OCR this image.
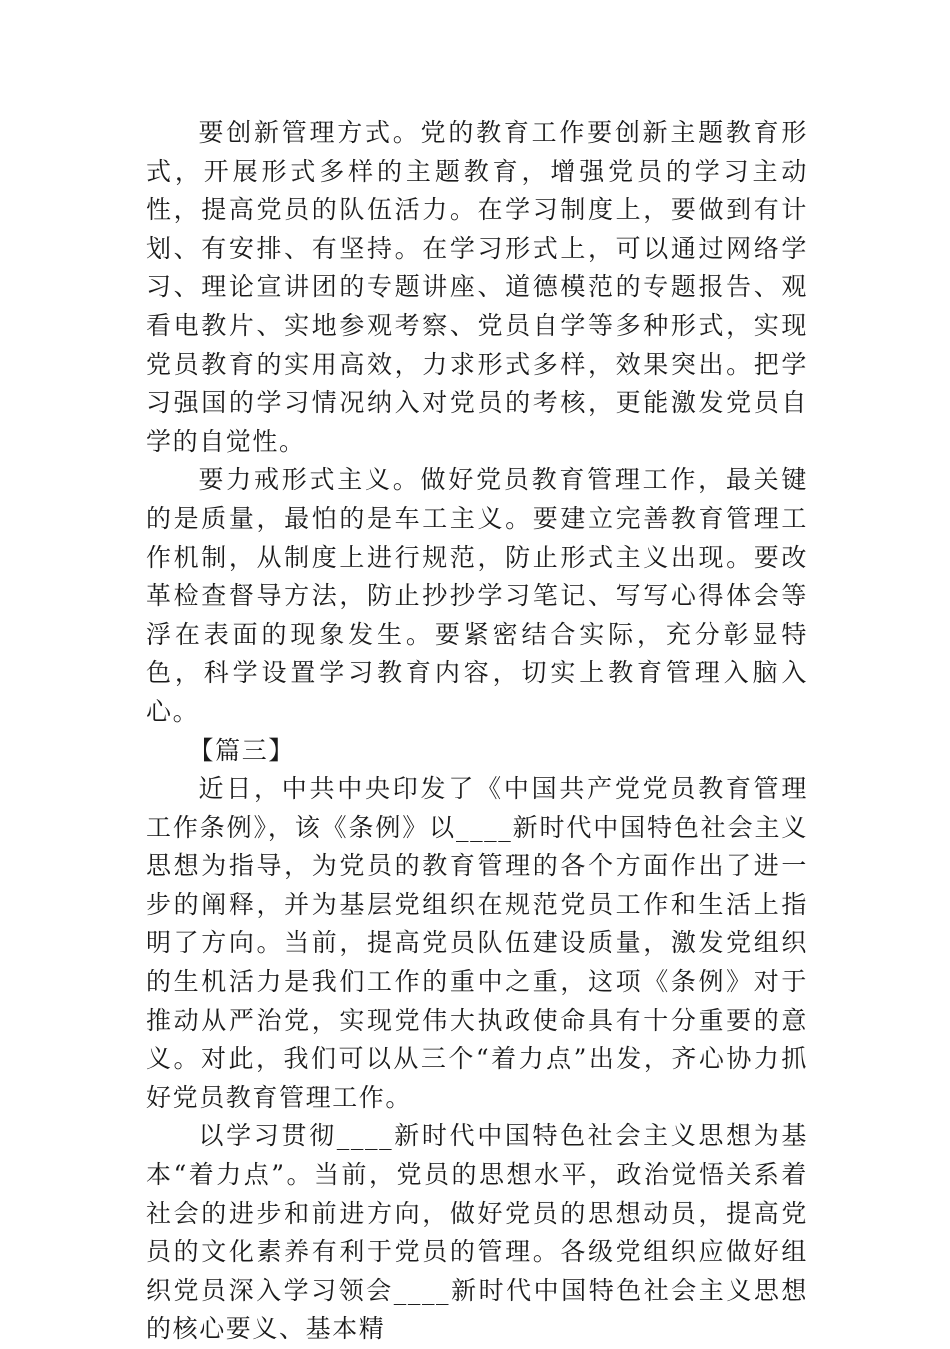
要创新管理方式。党的教育工作要创新主题教育形式，开展形式多样的主题教育，增强党员的学习主动性，提高党员的队伍活力。在学习制度上，要做到有计划、有安排、有坚持。在学习形式上，可以通过网络学习、理论宣讲团的专题讲座、道德模范的专题报告、观看电教片、实地参观考察、党员自学等多种形式，实现党员教育的实用高效，力求形式多样，效果突出。把学习强国的学习情况纳入对党员的考核，更能激发党员自学的自觉性。

要力戒形式主义。做好党员教育管理工作，最关键的是质量，最怕的是车工主义。要建立完善教育管理工作机制，从制度上进行规范，防止形式主义出现。要改革检查督导方法，防止抄抄学习笔记、写写心得体会等浮在表面的现象发生。要紧密结合实际，充分彰显特色，科学设置学习教育内容，切实上教育管理入脑入心。

【篇三】

近日，中共中央印发了《中国共产党党员教育管理工作条例》，该《条例》以____新时代中国特色社会主义思想为指导，为党员的教育管理的各个方面作出了进一步的阐释，并为基层党组织在规范党员工作和生活上指明了方向。当前，提高党员队伍建设质量，激发党组织的生机活力是我们工作的重中之重，这项《条例》对于推动从严治党，实现党伟大执政使命具有十分重要的意义。对此，我们可以从三个“着力点”出发，齐心协力抓好党员教育管理工作。

以学习贯彻____新时代中国特色社会主义思想为基本“着力点”。当前，党员的思想水平，政治觉悟关系着社会的进步和前进方向，做好党员的思想动员，提高党员的文化素养有利于党员的管理。各级党组织应做好组织党员深入学习领会____新时代中国特色社会主义思想的核心要义、基本精
